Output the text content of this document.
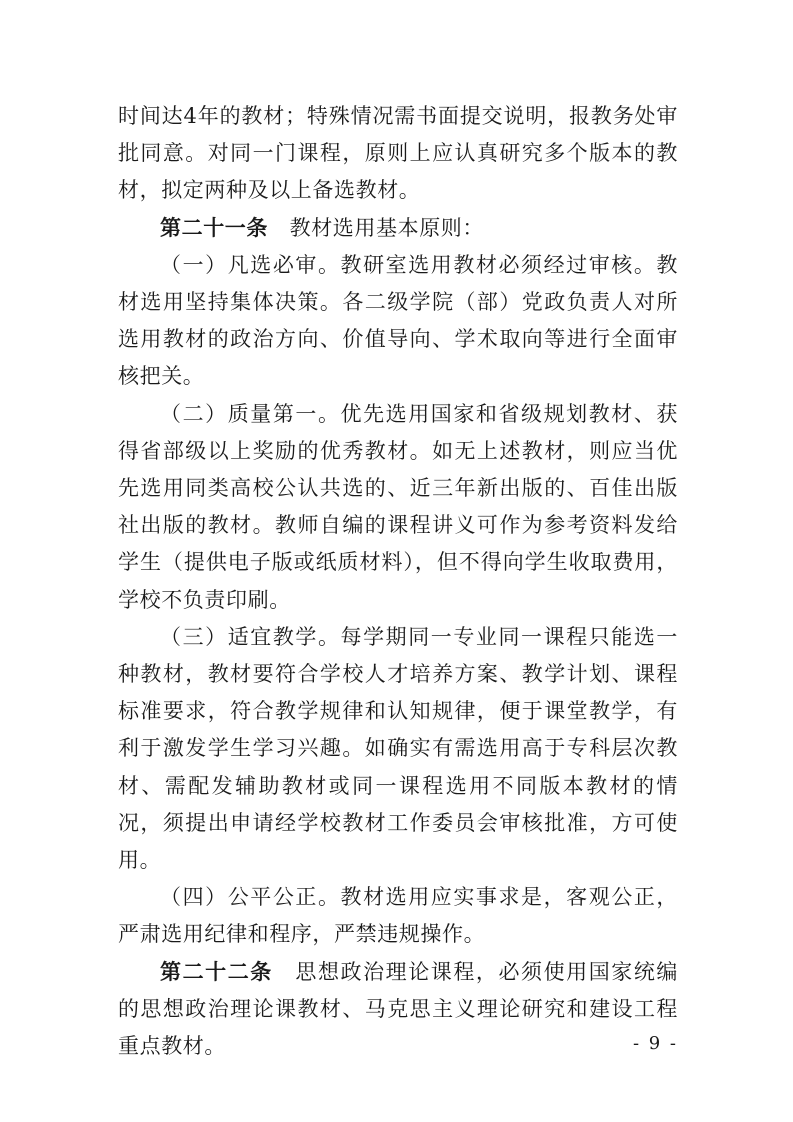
时间达4年的教材；特殊情况需书面提交说明，报教务处审批同意。对同一门课程，原则上应认真研究多个版本的教材，拟定两种及以上备选教材。

第二十一条  教材选用基本原则：

（一）凡选必审。教研室选用教材必须经过审核。教材选用坚持集体决策。各二级学院（部）党政负责人对所选用教材的政治方向、价值导向、学术取向等进行全面审核把关。

（二）质量第一。优先选用国家和省级规划教材、获得省部级以上奖励的优秀教材。如无上述教材，则应当优先选用同类高校公认共选的、近三年新出版的、百佳出版社出版的教材。教师自编的课程讲义可作为参考资料发给学生（提供电子版或纸质材料），但不得向学生收取费用，学校不负责印刷。

（三）适宜教学。每学期同一专业同一课程只能选一种教材，教材要符合学校人才培养方案、教学计划、课程标准要求，符合教学规律和认知规律，便于课堂教学，有利于激发学生学习兴趣。如确实有需选用高于专科层次教材、需配发辅助教材或同一课程选用不同版本教材的情况，须提出申请经学校教材工作委员会审核批准，方可使用。

（四）公平公正。教材选用应实事求是，客观公正，严肃选用纪律和程序，严禁违规操作。

第二十二条  思想政治理论课程，必须使用国家统编的思想政治理论课教材、马克思主义理论研究和建设工程重点教材。	- 9 -
